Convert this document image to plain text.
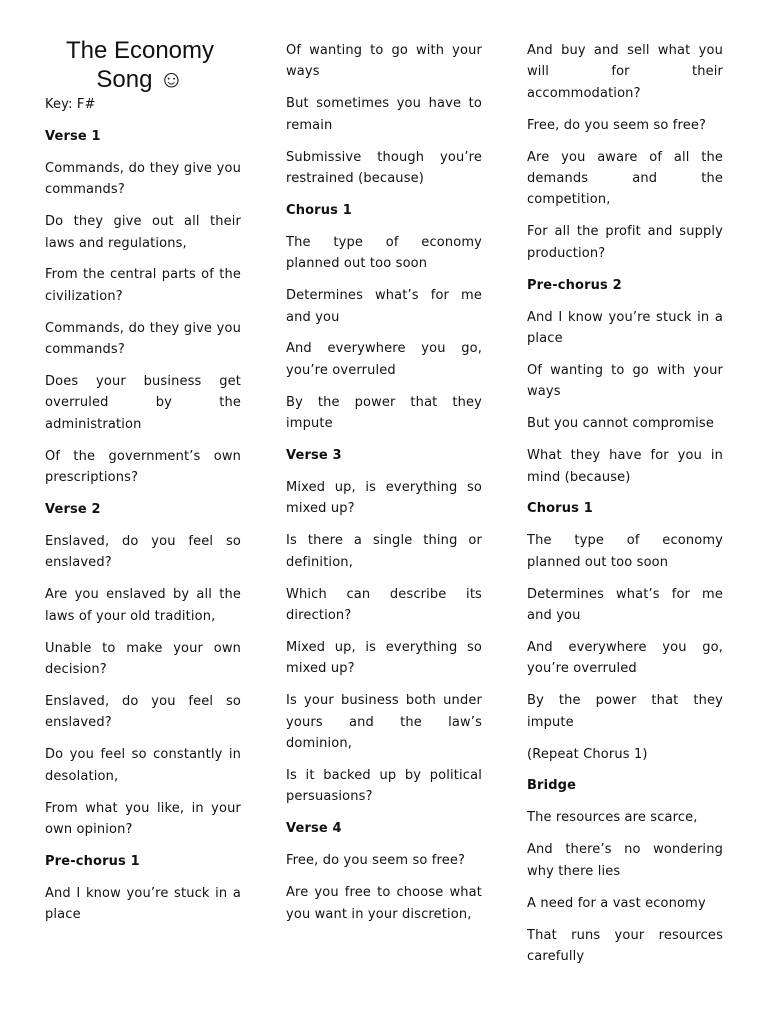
The Economy Song ☺
Key: F#
Verse 1
Commands, do they give you commands?
Do they give out all their laws and regulations,
From the central parts of the civilization?
Commands, do they give you commands?
Does your business get overruled by the administration
Of the government’s own prescriptions?
Verse 2
Enslaved, do you feel so enslaved?
Are you enslaved by all the laws of your old tradition,
Unable to make your own decision?
Enslaved, do you feel so enslaved?
Do you feel so constantly in desolation,
From what you like, in your own opinion?
Pre-chorus 1
And I know you’re stuck in a place
Of wanting to go with your ways
But sometimes you have to remain
Submissive though you’re restrained (because)
Chorus 1
The type of economy planned out too soon
Determines what’s for me and you
And everywhere you go, you’re overruled
By the power that they impute
Verse 3
Mixed up, is everything so mixed up?
Is there a single thing or definition,
Which can describe its direction?
Mixed up, is everything so mixed up?
Is your business both under yours and the law’s dominion,
Is it backed up by political persuasions?
Verse 4
Free, do you seem so free?
Are you free to choose what you want in your discretion,
And buy and sell what you will for their accommodation?
Free, do you seem so free?
Are you aware of all the demands and the competition,
For all the profit and supply production?
Pre-chorus 2
And I know you’re stuck in a place
Of wanting to go with your ways
But you cannot compromise
What they have for you in mind (because)
Chorus 1
The type of economy planned out too soon
Determines what’s for me and you
And everywhere you go, you’re overruled
By the power that they impute
(Repeat Chorus 1)
Bridge
The resources are scarce,
And there’s no wondering why there lies
A need for a vast economy
That runs your resources carefully
